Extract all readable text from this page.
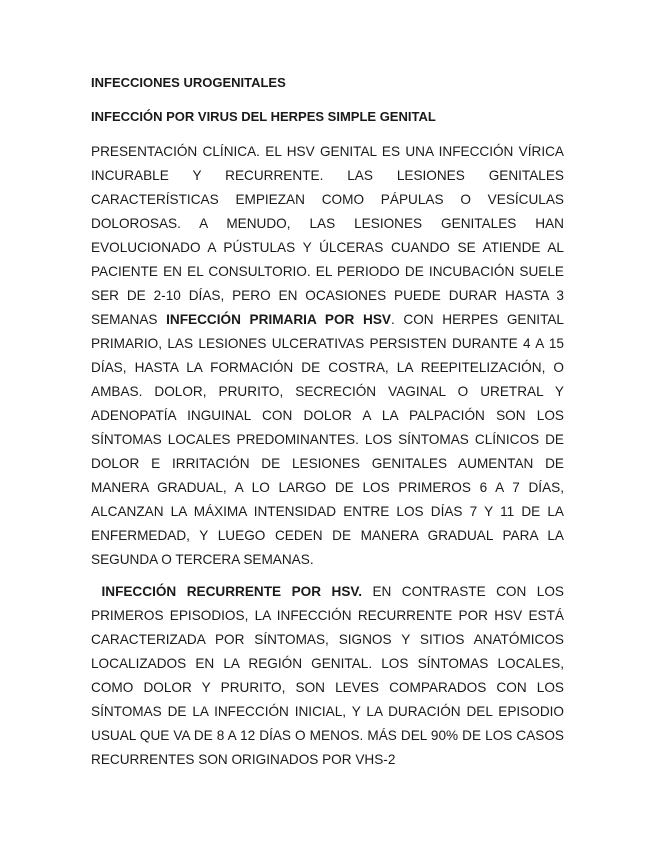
INFECCIONES UROGENITALES

INFECCIÓN POR VIRUS DEL HERPES SIMPLE GENITAL

PRESENTACIÓN CLÍNICA. EL HSV GENITAL ES UNA INFECCIÓN VÍRICA INCURABLE Y RECURRENTE. LAS LESIONES GENITALES CARACTERÍSTICAS EMPIEZAN COMO PÁPULAS O VESÍCULAS DOLOROSAS. A MENUDO, LAS LESIONES GENITALES HAN EVOLUCIONADO A PÚSTULAS Y ÚLCERAS CUANDO SE ATIENDE AL PACIENTE EN EL CONSULTORIO. EL PERIODO DE INCUBACIÓN SUELE SER DE 2-10 DÍAS, PERO EN OCASIONES PUEDE DURAR HASTA 3 SEMANAS INFECCIÓN PRIMARIA POR HSV. CON HERPES GENITAL PRIMARIO, LAS LESIONES ULCERATIVAS PERSISTEN DURANTE 4 A 15 DÍAS, HASTA LA FORMACIÓN DE COSTRA, LA REEPITELIZACIÓN, O AMBAS. DOLOR, PRURITO, SECRECIÓN VAGINAL O URETRAL Y ADENOPATÍA INGUINAL CON DOLOR A LA PALPACIÓN SON LOS SÍNTOMAS LOCALES PREDOMINANTES. LOS SÍNTOMAS CLÍNICOS DE DOLOR E IRRITACIÓN DE LESIONES GENITALES AUMENTAN DE MANERA GRADUAL, A LO LARGO DE LOS PRIMEROS 6 A 7 DÍAS, ALCANZAN LA MÁXIMA INTENSIDAD ENTRE LOS DÍAS 7 Y 11 DE LA ENFERMEDAD, Y LUEGO CEDEN DE MANERA GRADUAL PARA LA SEGUNDA O TERCERA SEMANAS.

INFECCIÓN RECURRENTE POR HSV. EN CONTRASTE CON LOS PRIMEROS EPISODIOS, LA INFECCIÓN RECURRENTE POR HSV ESTÁ CARACTERIZADA POR SÍNTOMAS, SIGNOS Y SITIOS ANATÓMICOS LOCALIZADOS EN LA REGIÓN GENITAL. LOS SÍNTOMAS LOCALES, COMO DOLOR Y PRURITO, SON LEVES COMPARADOS CON LOS SÍNTOMAS DE LA INFECCIÓN INICIAL, Y LA DURACIÓN DEL EPISODIO USUAL QUE VA DE 8 A 12 DÍAS O MENOS. MÁS DEL 90% DE LOS CASOS RECURRENTES SON ORIGINADOS POR VHS-2
